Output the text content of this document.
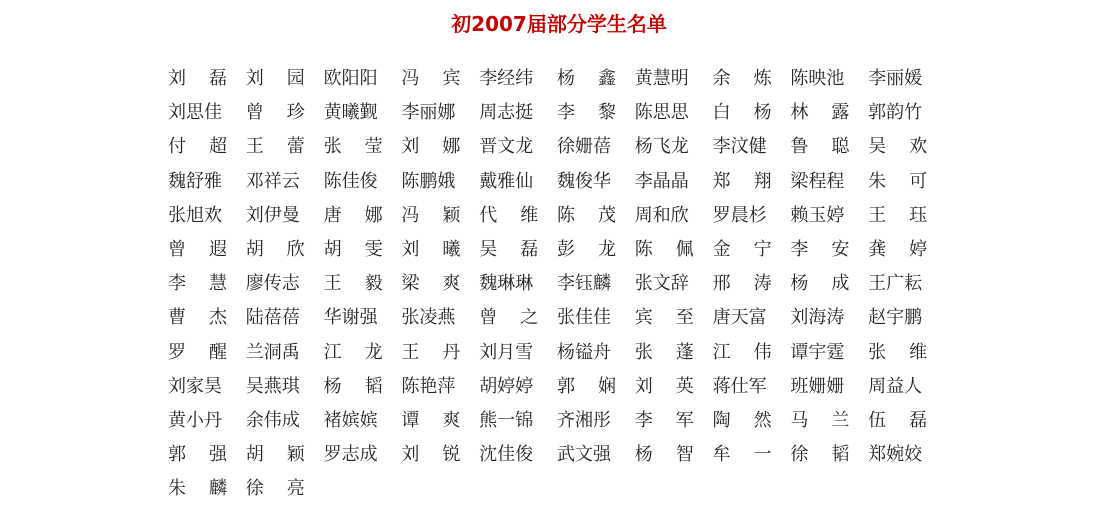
初2007届部分学生名单
刘 磊 刘 园 欧阳阳 冯 宾 李经纬 杨 鑫 黄慧明 余 炼 陈映池 李丽媛
刘思佳 曾 珍 黄曦觐 李丽娜 周志挺 李 黎 陈思思 白 杨 林 露 郭韵竹
付 超 王 蕾 张 莹 刘 娜 晋文龙 徐姗蓓 杨飞龙 李汶健 鲁 聪 吴 欢
魏舒雅 邓祥云 陈佳俊 陈鹏娥 戴雅仙 魏俊华 李晶晶 郑 翔 梁程程 朱 可
张旭欢 刘伊曼 唐 娜 冯 颖 代 维 陈 茂 周和欣 罗晨杉 赖玉婷 王 珏
曾 遐 胡 欣 胡 雯 刘 曦 吴 磊 彭 龙 陈 佩 金 宁 李 安 龚 婷
李 慧 廖传志 王 毅 梁 爽 魏琳琳 李钰麟 张文辞 邢 涛 杨 成 王广耘
曹 杰 陆蓓蓓 华谢强 张凌燕 曾 之 张佳佳 宾 至 唐天富 刘海涛 赵宇鹏
罗 醒 兰洞禹 江 龙 王 丹 刘月雪 杨镒舟 张 蓬 江 伟 谭宇霆 张 维
刘家昊 吴燕琪 杨 韬 陈艳萍 胡婷婷 郭 娴 刘 英 蒋仕军 班姗姗 周益人
黄小丹 余伟成 褚嫔嫔 谭 爽 熊一锦 齐湘彤 李 军 陶 然 马 兰 伍 磊
郭 强 胡 颖 罗志成 刘 锐 沈佳俊 武文强 杨 智 牟 一 徐 韬 郑婉姣
朱 麟 徐 亮
